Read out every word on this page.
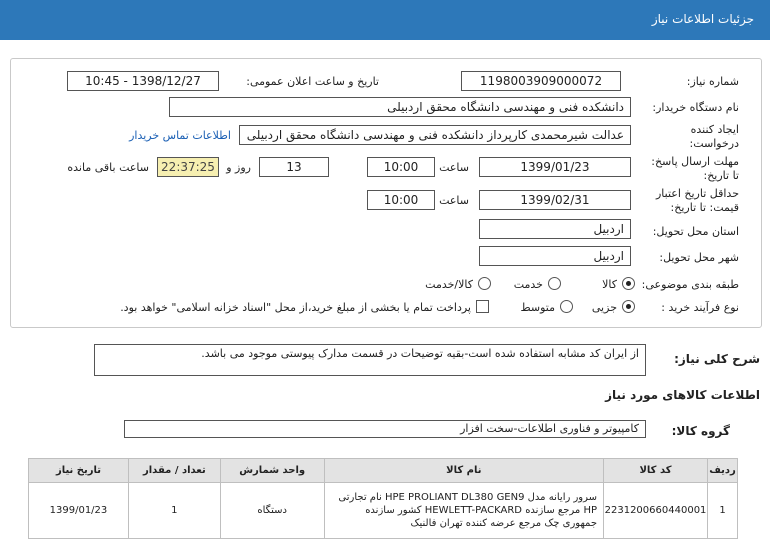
جزئیات اطلاعات نیاز
شماره نیاز:
1198003909000072
تاریخ و ساعت اعلان عمومی:
1398/12/27 - 10:45
نام دستگاه خریدار:
دانشکده فنی و مهندسی دانشگاه محقق اردبیلی
ایجاد کننده
درخواست:
عدالت شیرمحمدی کارپرداز دانشکده فنی و مهندسی دانشگاه محقق اردبیلی
اطلاعات تماس خریدار
مهلت ارسال پاسخ:
تا تاریخ:
1399/01/23
ساعت
10:00
13
روز و
22:37:25
ساعت باقی مانده
حداقل تاریخ اعتبار
قیمت: تا تاریخ:
1399/02/31
ساعت
10:00
استان محل تحویل:
اردبیل
شهر محل تحویل:
اردبیل
طبقه بندی موضوعی:
کالا
خدمت
کالا/خدمت
نوع فرآیند خرید :
جزیی
متوسط
پرداخت تمام یا بخشی از مبلغ خرید،از محل "اسناد خزانه اسلامی" خواهد بود.
شرح کلی نیاز:
از ایران کد مشابه استفاده شده است-بقیه توضیحات در قسمت مدارک پیوستی موجود می باشد.
اطلاعات کالاهای مورد نیاز
گروه کالا:
کامپیوتر و فناوری اطلاعات-سخت افزار
ردیف	کد کالا	نام کالا	واحد شمارش	تعداد / مقدار	تاریخ نیاز
1	2231200660440001	سرور رایانه مدل HPE PROLIANT DL380 GEN9 نام تجارتی HP مرجع سازنده HEWLETT-PACKARD کشور سازنده جمهوری چک مرجع عرضه کننده تهران فالنیک	دستگاه	1	1399/01/23
